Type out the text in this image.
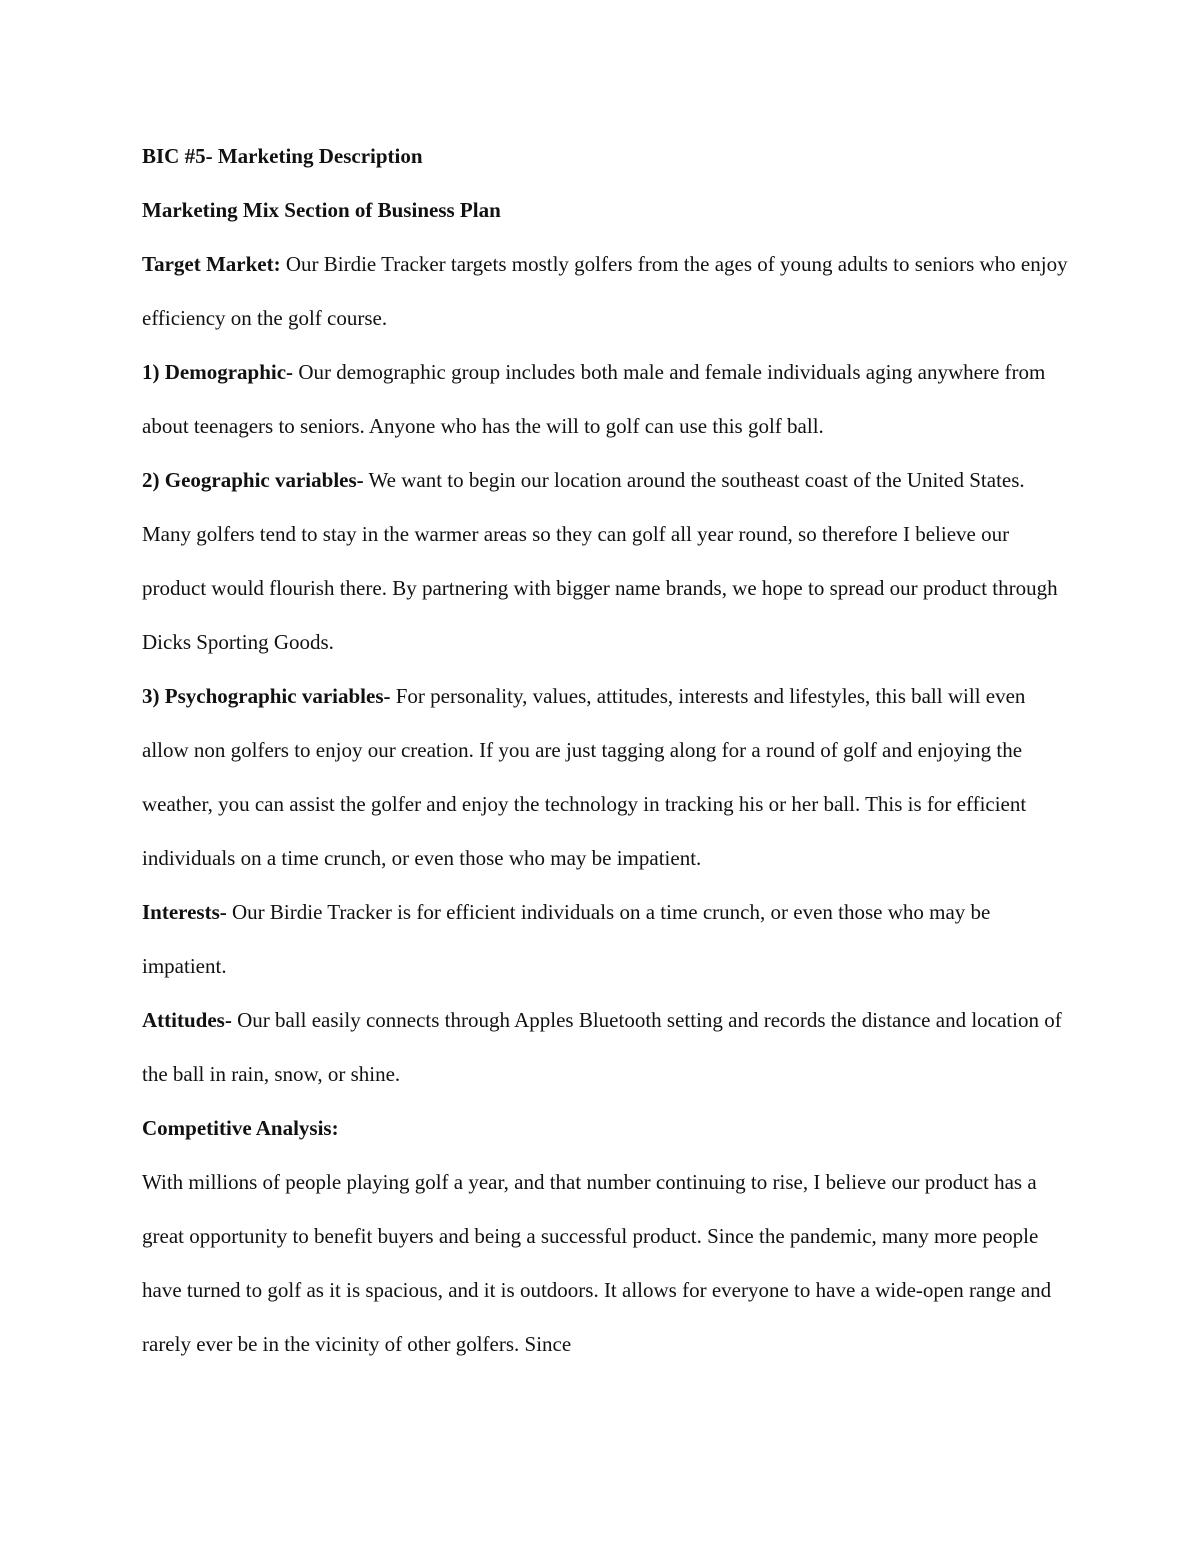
BIC #5- Marketing Description

Marketing Mix Section of Business Plan

Target Market: Our Birdie Tracker targets mostly golfers from the ages of young adults to seniors who enjoy efficiency on the golf course.

1) Demographic- Our demographic group includes both male and female individuals aging anywhere from about teenagers to seniors. Anyone who has the will to golf can use this golf ball.

2) Geographic variables- We want to begin our location around the southeast coast of the United States. Many golfers tend to stay in the warmer areas so they can golf all year round, so therefore I believe our product would flourish there. By partnering with bigger name brands, we hope to spread our product through Dicks Sporting Goods.

3) Psychographic variables- For personality, values, attitudes, interests and lifestyles, this ball will even allow non golfers to enjoy our creation. If you are just tagging along for a round of golf and enjoying the weather, you can assist the golfer and enjoy the technology in tracking his or her ball. This is for efficient individuals on a time crunch, or even those who may be impatient.

Interests- Our Birdie Tracker is for efficient individuals on a time crunch, or even those who may be impatient.

Attitudes- Our ball easily connects through Apples Bluetooth setting and records the distance and location of the ball in rain, snow, or shine.

Competitive Analysis:

With millions of people playing golf a year, and that number continuing to rise, I believe our product has a great opportunity to benefit buyers and being a successful product. Since the pandemic, many more people have turned to golf as it is spacious, and it is outdoors. It allows for everyone to have a wide-open range and rarely ever be in the vicinity of other golfers. Since
